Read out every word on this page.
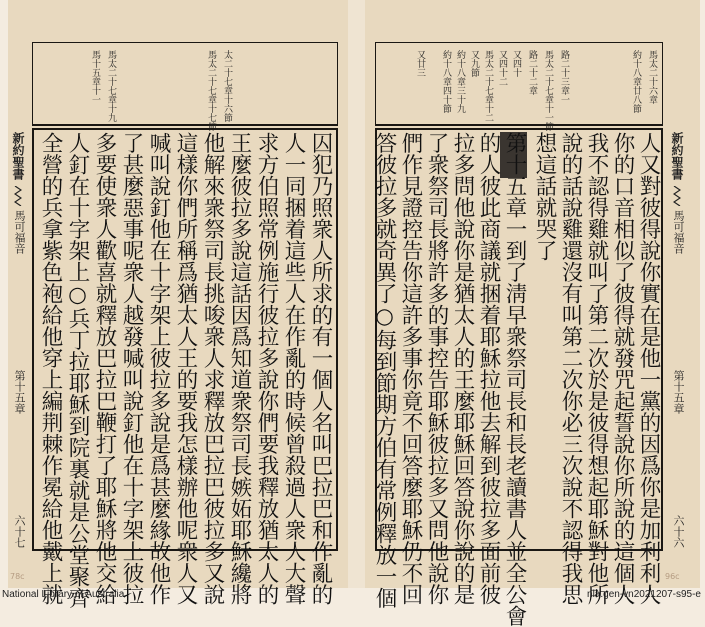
太二十七章十六節
馬太二十七章十七節
馬太二十七章十九
馬十五章十一
囚犯乃照衆人所求的有一個人名叫巴拉巴和作亂的
人一同捆着這些人在作亂的時候曾殺過人衆人大聲
求方伯照常例施行彼拉多說你們要我釋放猶太人的
王麼彼拉多說這話因爲知道衆祭司長嫉妬耶穌纔將
他解來衆祭司長挑唆衆人求釋放巴拉巴彼拉多又說
這樣你們所稱爲猶太人王的要我怎樣辦他呢衆人又
喊叫說釘他在十字架上彼拉多說是爲甚麼緣故他作
了甚麼惡事呢衆人越發喊叫說釘他在十字架上彼拉
多要使衆人歡喜就釋放巴拉巴鞭打了耶穌將他交給
人釘在十字架上○兵丁拉耶穌到院裏就是公堂聚齊
全營的兵拿紫色袍給他穿上編荆棘作冕給他戴上就
新約聖書
馬可福音
第十五章
六十七
78c
馬太二十六章
約十八章廿八節
路二十三章一
馬太二十七章十一節
路二十二章
又四十
又四十二
馬太二十七章十二
又九節
約十八章三十九
約十八章四十節
又廿三
人又對彼得說你實在是他一黨的因爲你是加利利人
你的口音相似了彼得就發咒起誓說你所說的這個人
我不認得雞就叫了第二次於是彼得想起耶穌對他所
說的話說雞還沒有叫第二次你必三次說不認得我思
想這話就哭了
第十五章一到了淸早衆祭司長和長老讀書人並全公會
的人彼此商議就捆着耶穌拉他去解到彼拉多面前彼
拉多問他說你是猶太人的王麼耶穌回答說你說的是
了衆祭司長將許多的事控告耶穌彼拉多又問他說你
們作見證控告你這許多事你竟不回答麼耶穌仍不回
答彼拉多就奇異了○每到節期方伯有常例釋放一個	新約聖書
馬可福音
第十五章
六十六
96c
National Library of Australia	nla.gen-vn2021207-s95-e
